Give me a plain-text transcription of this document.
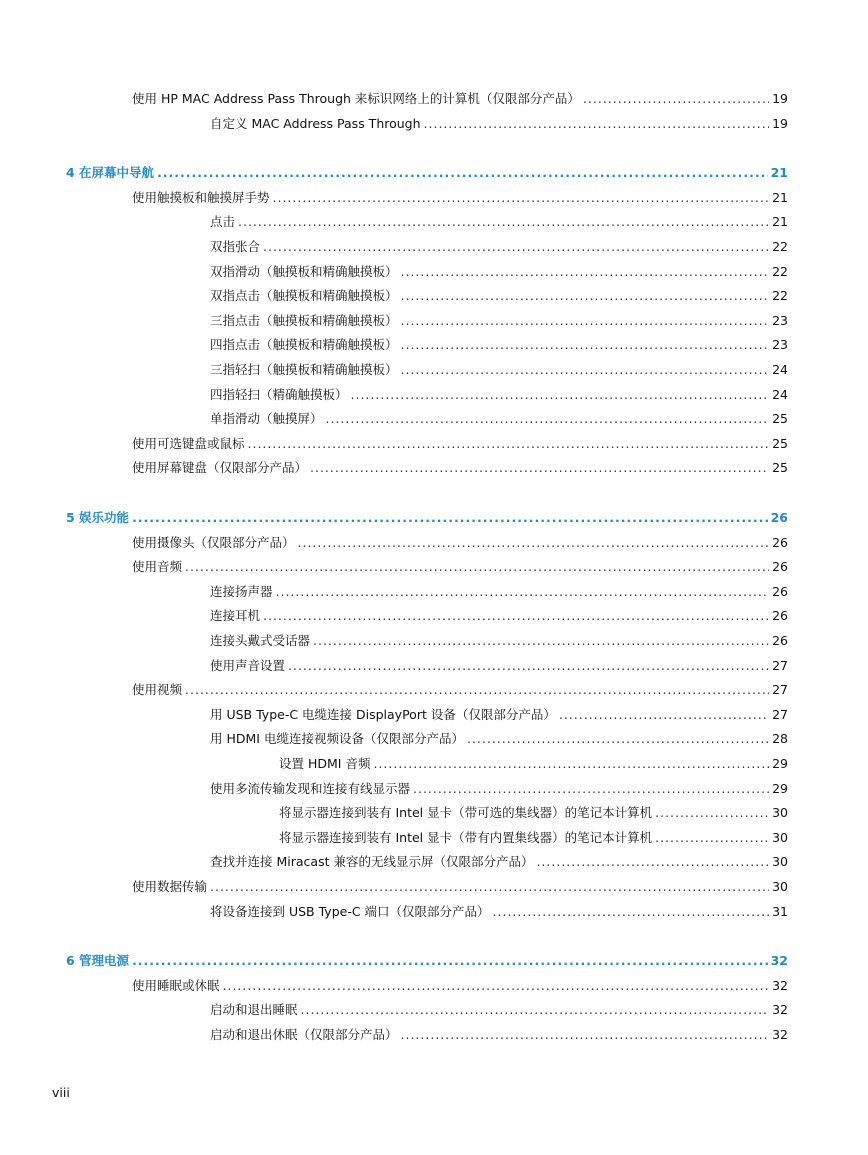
使用 HP MAC Address Pass Through 来标识网络上的计算机（仅限部分产品） .....	19
自定义 MAC Address Pass Through .....	19
4 在屏幕中导航 .....	21
使用触摸板和触摸屏手势 .....	21
点击 .....	21
双指张合 .....	22
双指滑动（触摸板和精确触摸板） .....	22
双指点击（触摸板和精确触摸板） .....	22
三指点击（触摸板和精确触摸板） .....	23
四指点击（触摸板和精确触摸板） .....	23
三指轻扫（触摸板和精确触摸板） .....	24
四指轻扫（精确触摸板） .....	24
单指滑动（触摸屏） .....	25
使用可选键盘或鼠标 .....	25
使用屏幕键盘（仅限部分产品） .....	25
5 娱乐功能 .....	26
使用摄像头（仅限部分产品） .....	26
使用音频 .....	26
连接扬声器 .....	26
连接耳机 .....	26
连接头戴式受话器 .....	26
使用声音设置 .....	27
使用视频 .....	27
用 USB Type-C 电缆连接 DisplayPort 设备（仅限部分产品） .....	27
用 HDMI 电缆连接视频设备（仅限部分产品） .....	28
设置 HDMI 音频 .....	29
使用多流传输发现和连接有线显示器 .....	29
将显示器连接到装有 Intel 显卡（带可选的集线器）的笔记本计算机 .....	30
将显示器连接到装有 Intel 显卡（带有内置集线器）的笔记本计算机 .....	30
查找并连接 Miracast 兼容的无线显示屏（仅限部分产品） .....	30
使用数据传输 .....	30
将设备连接到 USB Type-C 端口（仅限部分产品） .....	31
6 管理电源 .....	32
使用睡眠或休眠 .....	32
启动和退出睡眠 .....	32
启动和退出休眠（仅限部分产品） .....	32
viii
